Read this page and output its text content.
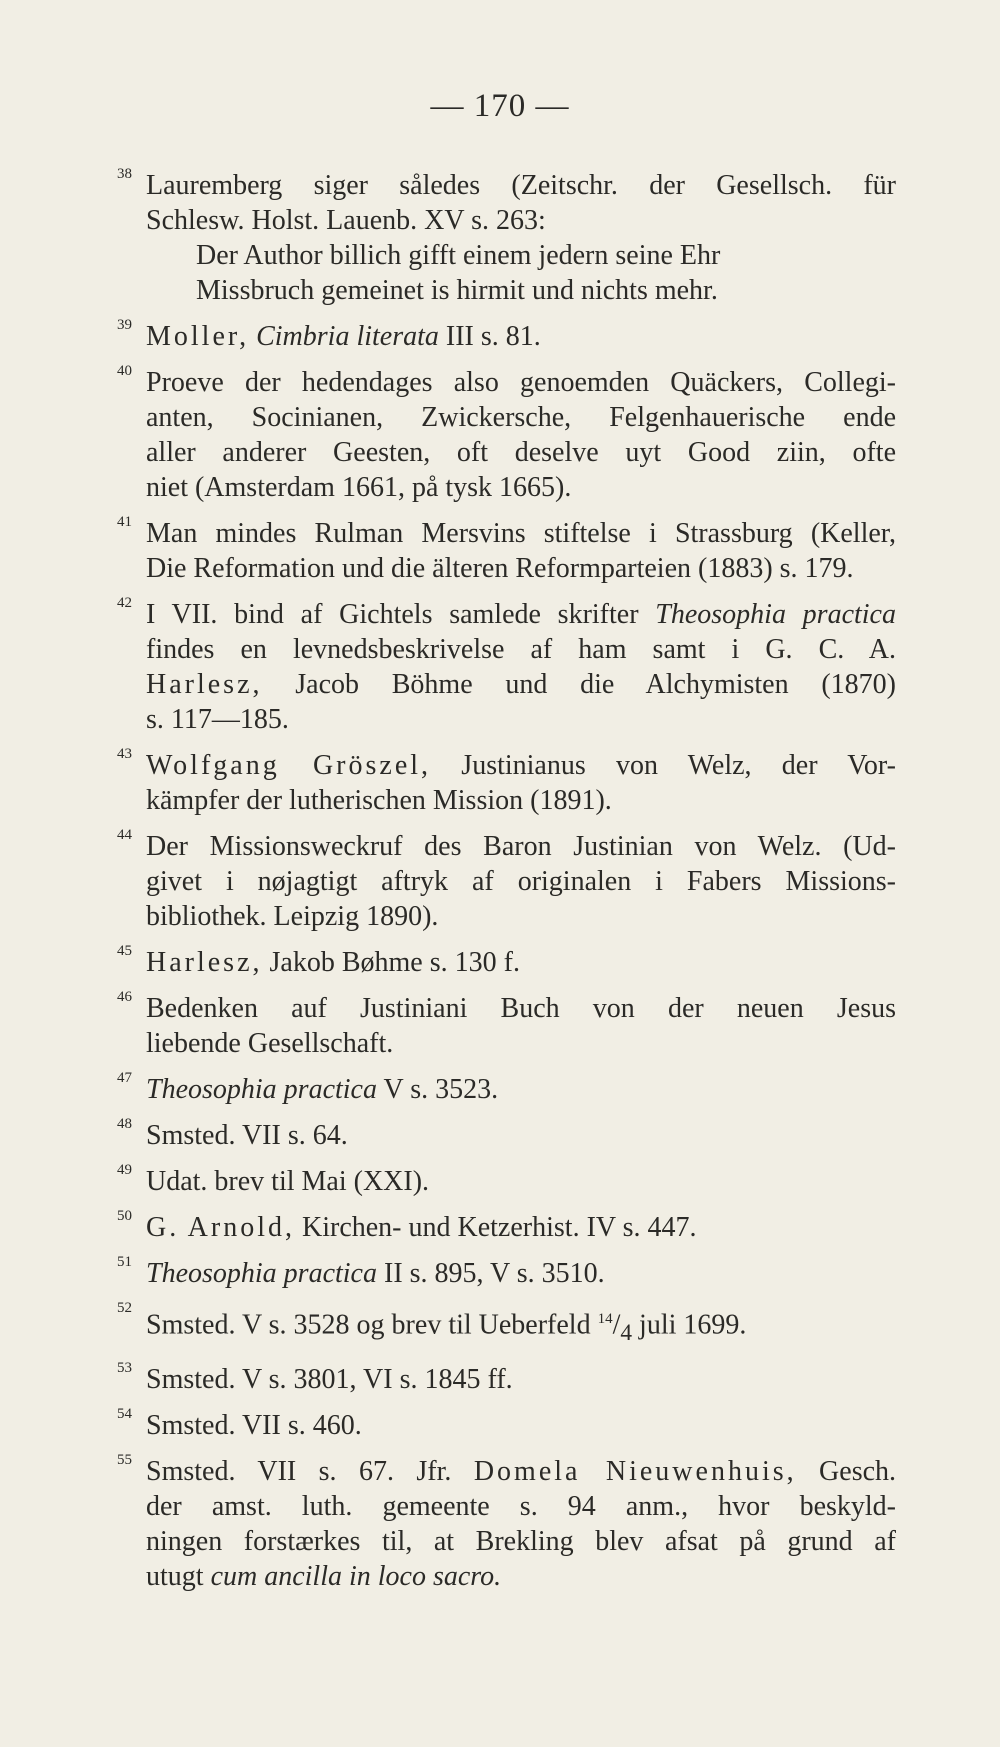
— 170 —
38 Lauremberg siger således (Zeitschr. der Gesellsch. für
Schlesw. Holst. Lauenb. XV s. 263:
Der Author billich gifft einem jedern seine Ehr
Missbruch gemeinet is hirmit und nichts mehr.
39 Moller, Cimbria literata III s. 81.
40 Proeve der hedendages also genoemden Quäckers, Collegi-
anten, Socinianen, Zwickersche, Felgenhauerische ende
aller anderer Geesten, oft deselve uyt Good ziin, ofte
niet (Amsterdam 1661, på tysk 1665).
41 Man mindes Rulman Mersvins stiftelse i Strassburg (Keller,
Die Reformation und die älteren Reformparteien (1883) s. 179.
42 I VII. bind af Gichtels samlede skrifter Theosophia practica
findes en levnedsbeskrivelse af ham samt i G. C. A.
Harlesz, Jacob Böhme und die Alchymisten (1870)
s. 117—185.
43 Wolfgang Gröszel, Justinianus von Welz, der Vor-
kämpfer der lutherischen Mission (1891).
44 Der Missionsweckruf des Baron Justinian von Welz. (Ud-
givet i nøjagtigt aftryk af originalen i Fabers Missions-
bibliothek. Leipzig 1890).
45 Harlesz, Jakob Bøhme s. 130 f.
46 Bedenken auf Justiniani Buch von der neuen Jesus
liebende Gesellschaft.
47 Theosophia practica V s. 3523.
48 Smsted. VII s. 64.
49 Udat. brev til Mai (XXI).
50 G. Arnold, Kirchen- und Ketzerhist. IV s. 447.
51 Theosophia practica II s. 895, V s. 3510.
52
Smsted. V s. 3528 og brev til Ueberfeld $^{14}/_4$ juli 1699.
53 Smsted. V s. 3801, VI s. 1845 ff.
54 Smsted. VII s. 460.
55 Smsted. VII s. 67. Jfr. Domela Nieuwenhuis, Gesch.
der amst. luth. gemeente s. 94 anm., hvor beskyld-
ningen forstærkes til, at Brekling blev afsat på grund af
utugt cum ancilla in loco sacro.
